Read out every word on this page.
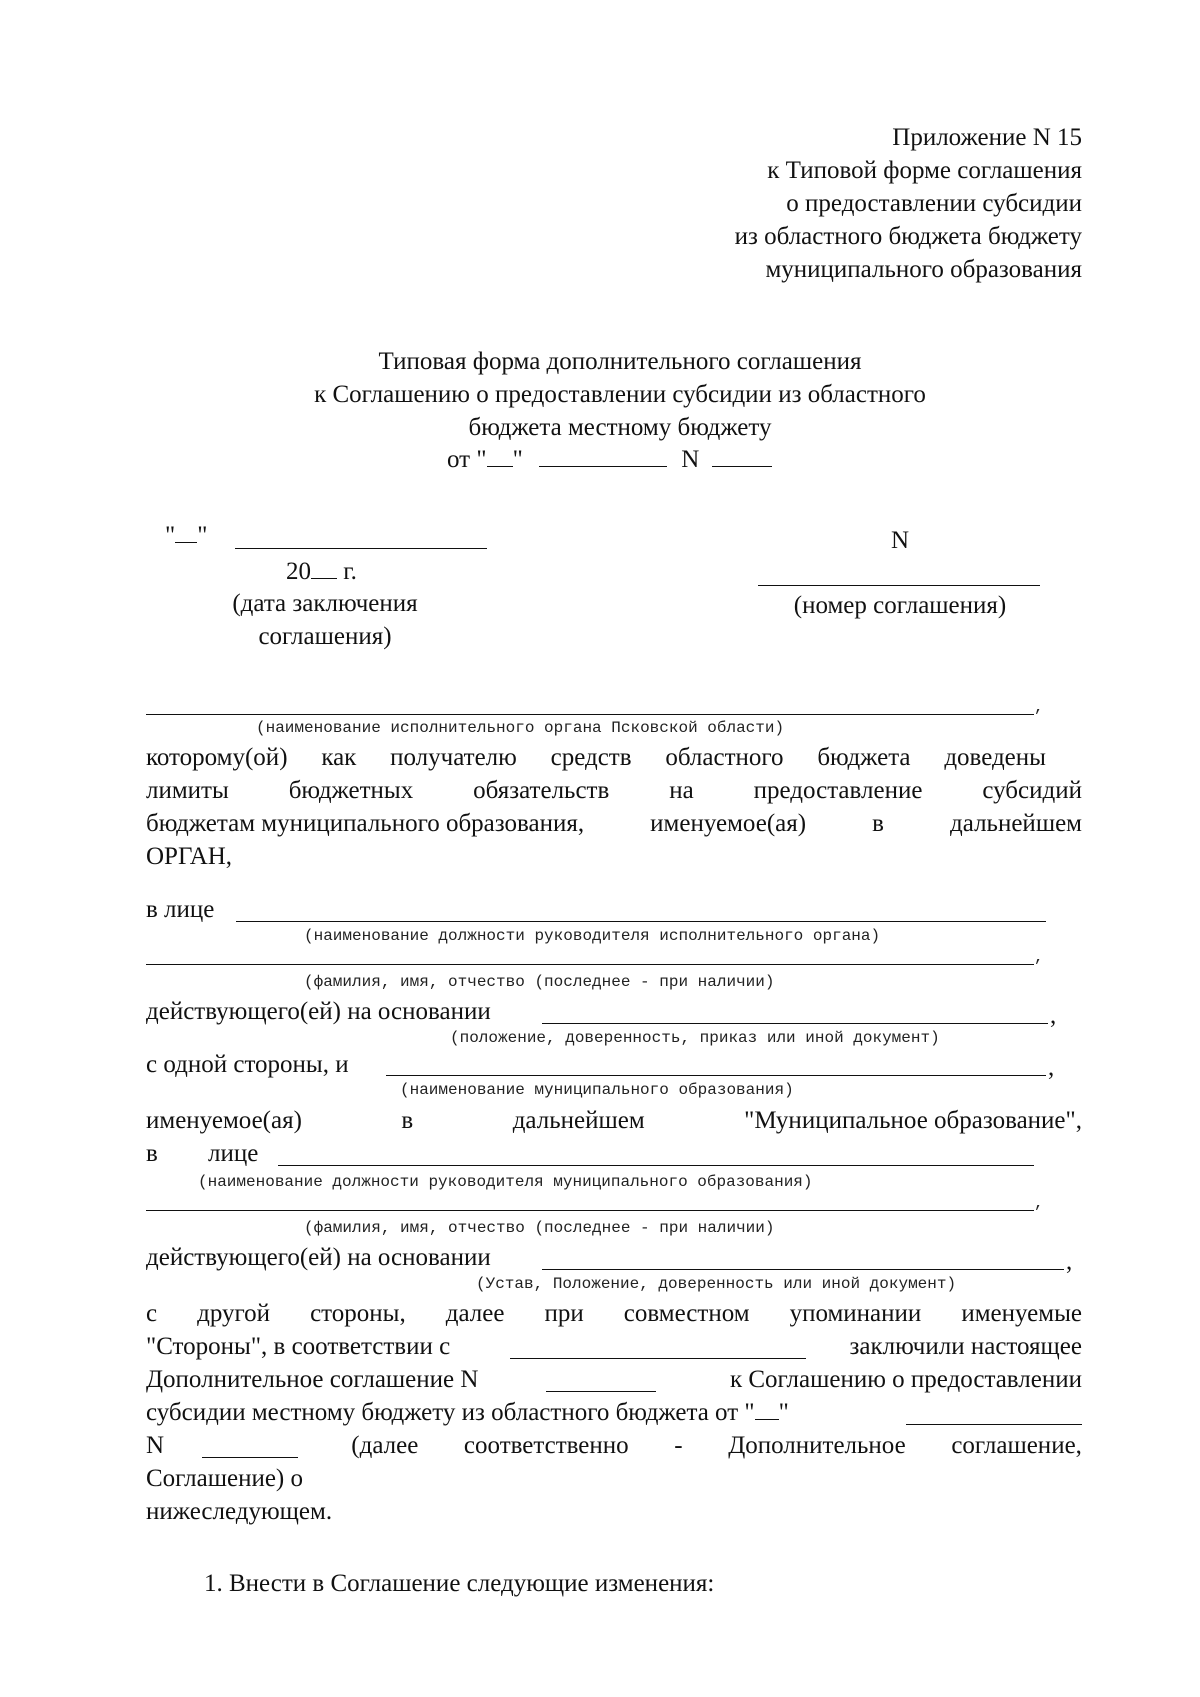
Приложение N 15
к Типовой форме соглашения
о предоставлении субсидии
из областного бюджета бюджету
муниципального образования
Типовая форма дополнительного соглашения
к Соглашению о предоставлении субсидии из областного
бюджета местному бюджету
от " "	N
" "
20 г.
(дата заключения
соглашения)
N
(номер соглашения)
,
(наименование исполнительного органа Псковской области)
которому(ой) как получателю средств областного бюджета доведены
лимиты бюджетных обязательств на предоставление субсидий
бюджетам муниципального образования,	именуемое(ая)	в	дальнейшем
ОРГАН,
в лице
(наименование должности руководителя исполнительного органа)
,
(фамилия, имя, отчество (последнее - при наличии)
действующего(ей) на основании	,
(положение, доверенность, приказ или иной документ)
с одной стороны, и	,
(наименование муниципального образования)
именуемое(ая)	в	дальнейшем	"Муниципальное образование",
в лице
(наименование должности руководителя муниципального образования)
,
(фамилия, имя, отчество (последнее - при наличии)
действующего(ей) на основании	,
(Устав, Положение, доверенность или иной документ)
с другой стороны, далее при совместном упоминании именуемые
"Стороны", в соответствии с	заключили настоящее
Дополнительное соглашение N	к Соглашению о предоставлении
субсидии местному бюджету из областного бюджета от " "
N	(далее соответственно - Дополнительное соглашение,
Соглашение) о
нижеследующем.
1. Внести в Соглашение следующие изменения:
